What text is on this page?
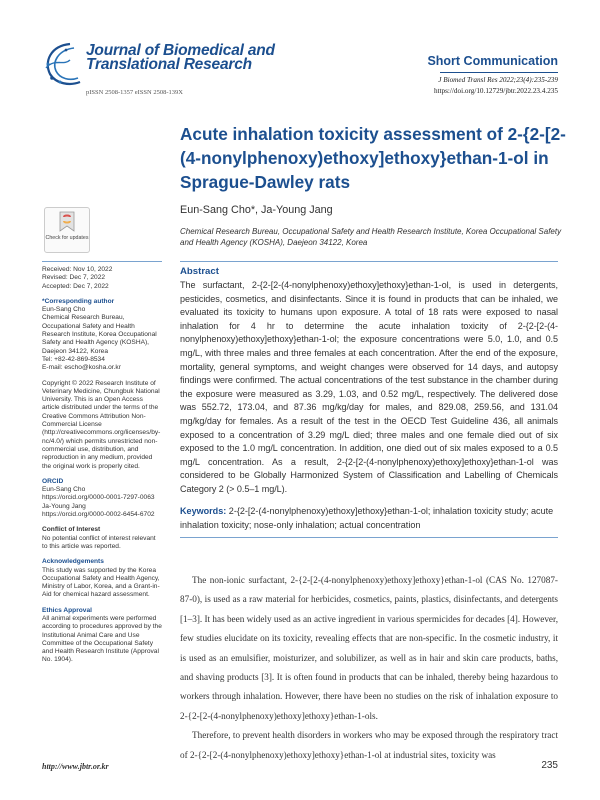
Journal of Biomedical and Translational Research
pISSN 2508-1357 eISSN 2508-139X
Short Communication
J Biomed Transl Res 2022;23(4):235-239
https://doi.org/10.12729/jbtr.2022.23.4.235
Acute inhalation toxicity assessment of 2-{2-[2-(4-nonylphenoxy)ethoxy]ethoxy}ethan-1-ol in Sprague-Dawley rats
Eun-Sang Cho*, Ja-Young Jang
Chemical Research Bureau, Occupational Safety and Health Research Institute, Korea Occupational Safety and Health Agency (KOSHA), Daejeon 34122, Korea
Check for updates
Received: Nov 10, 2022
Revised: Dec 7, 2022
Accepted: Dec 7, 2022
*Corresponding author
Eun-Sang Cho
Chemical Research Bureau, Occupational Safety and Health Research Institute, Korea Occupational Safety and Health Agency (KOSHA), Daejeon 34122, Korea
Tel: +82-42-869-8534
E-mail: escho@kosha.or.kr
Copyright © 2022 Research Institute of Veterinary Medicine, Chungbuk National University. This is an Open Access article distributed under the terms of the Creative Commons Attribution Non-Commercial License (http://creativecommons.org/licenses/by-nc/4.0/) which permits unrestricted non-commercial use, distribution, and reproduction in any medium, provided the original work is properly cited.
ORCID
Eun-Sang Cho
https://orcid.org/0000-0001-7297-0063
Ja-Young Jang
https://orcid.org/0000-0002-6454-6702
Conflict of Interest
No potential conflict of interest relevant to this article was reported.
Acknowledgements
This study was supported by the Korea Occupational Safety and Health Agency, Ministry of Labor, Korea, and a Grant-in-Aid for chemical hazard assessment.
Ethics Approval
All animal experiments were performed according to procedures approved by the Institutional Animal Care and Use Committee of the Occupational Safety and Health Research Institute (Approval No. 1904).
Abstract
The surfactant, 2-{2-[2-(4-nonylphenoxy)ethoxy]ethoxy}ethan-1-ol, is used in detergents, pesticides, cosmetics, and disinfectants. Since it is found in products that can be inhaled, we evaluated its toxicity to humans upon exposure. A total of 18 rats were exposed to nasal inhalation for 4 hr to determine the acute inhalation toxicity of 2-{2-[2-(4-nonylphenoxy)ethoxy]ethoxy}ethan-1-ol; the exposure concentrations were 5.0, 1.0, and 0.5 mg/L, with three males and three females at each concentration. After the end of the exposure, mortality, general symptoms, and weight changes were observed for 14 days, and autopsy findings were confirmed. The actual concentrations of the test substance in the chamber during the exposure were measured as 3.29, 1.03, and 0.52 mg/L, respectively. The delivered dose was 552.72, 173.04, and 87.36 mg/kg/day for males, and 829.08, 259.56, and 131.04 mg/kg/day for females. As a result of the test in the OECD Test Guideline 436, all animals exposed to a concentration of 3.29 mg/L died; three males and one female died out of six exposed to the 1.0 mg/L concentration. In addition, one died out of six males exposed to a 0.5 mg/L concentration. As a result, 2-{2-[2-(4-nonylphenoxy)ethoxy]ethoxy}ethan-1-ol was considered to be Globally Harmonized System of Classification and Labelling of Chemicals Category 2 (> 0.5–1 mg/L).
Keywords: 2-{2-[2-(4-nonylphenoxy)ethoxy]ethoxy}ethan-1-ol; inhalation toxicity study; acute inhalation toxicity; nose-only inhalation; actual concentration

The non-ionic surfactant, 2-{2-[2-(4-nonylphenoxy)ethoxy]ethoxy}ethan-1-ol (CAS No. 127087-87-0), is used as a raw material for herbicides, cosmetics, paints, plastics, disinfectants, and detergents [1–3]. It has been widely used as an active ingredient in various spermicides for decades [4]. However, few studies elucidate on its toxicity, revealing effects that are non-specific. In the cosmetic industry, it is used as an emulsifier, moisturizer, and solubilizer, as well as in hair and skin care products, baths, and shaving products [3]. It is often found in products that can be inhaled, thereby being hazardous to workers through inhalation. However, there have been no studies on the risk of inhalation exposure to 2-{2-[2-(4-nonylphenoxy)ethoxy]ethoxy}ethan-1-ols.

Therefore, to prevent health disorders in workers who may be exposed through the respiratory tract of 2-{2-[2-(4-nonylphenoxy)ethoxy]ethoxy}ethan-1-ol at industrial sites, toxicity was

http://www.jbtr.or.kr	235
